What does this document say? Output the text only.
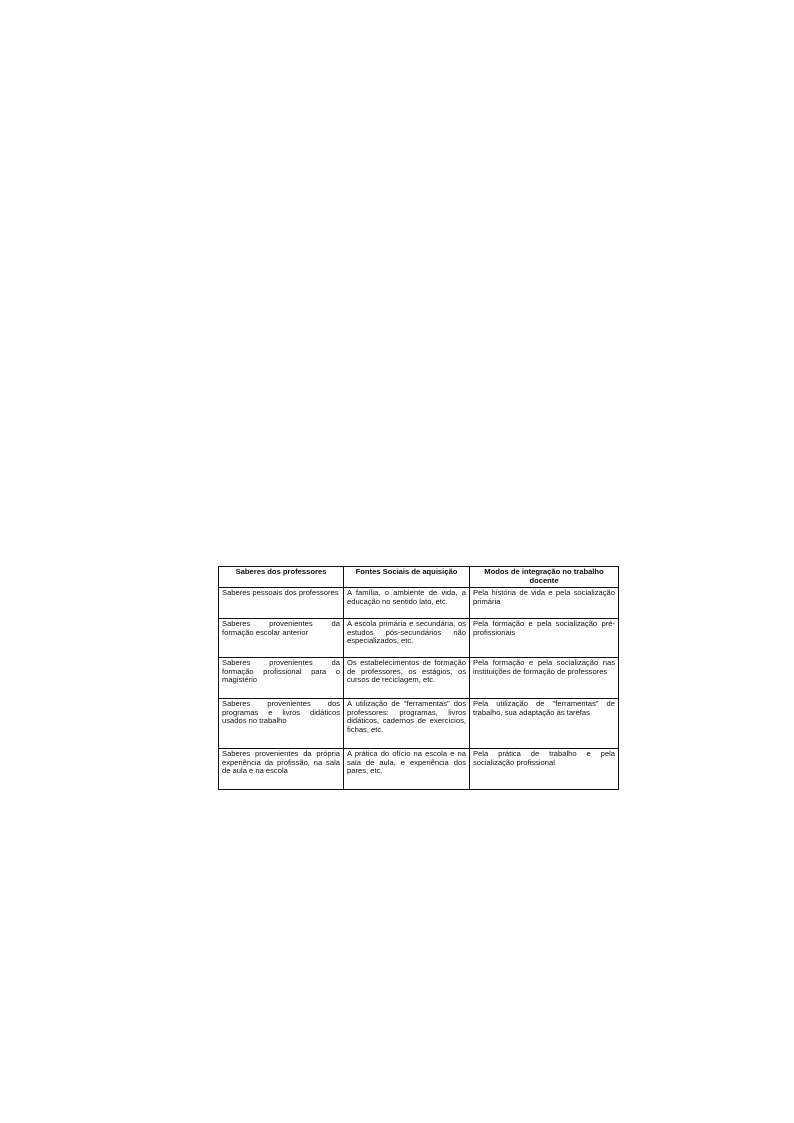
Saberes dos professores	Fontes Sociais de aquisição	Modos de integração no trabalho docente
Saberes pessoais dos professores	A família, o ambiente de vida, a educação no sentido lato, etc.	Pela história de vida e pela socialização primária
Saberes provenientes da formação escolar anterior	A escola primária e secundária, os estudos pós-secundários não especializados, etc.	Pela formação e pela socialização pré-profissionais
Saberes provenientes da formação profissional para o magistério	Os estabelecimentos de formação de professores, os estágios, os cursos de reciclagem, etc.	Pela formação e pela socialização nas instituições de formação de professores
Saberes provenientes dos programas e livros didáticos usados no trabalho	A utilização de "ferramentas" dos professores: programas, livros didáticos, cadernos de exercícios, fichas, etc.	Pela utilização de "ferramentas" de trabalho, sua adaptação às tarefas
Saberes provenientes da própria experiência da profissão, na sala de aula e na escola	A prática do ofício na escola e na sala de aula, e experiência dos pares, etc.	Pela prática de trabalho e pela socialização profissional
